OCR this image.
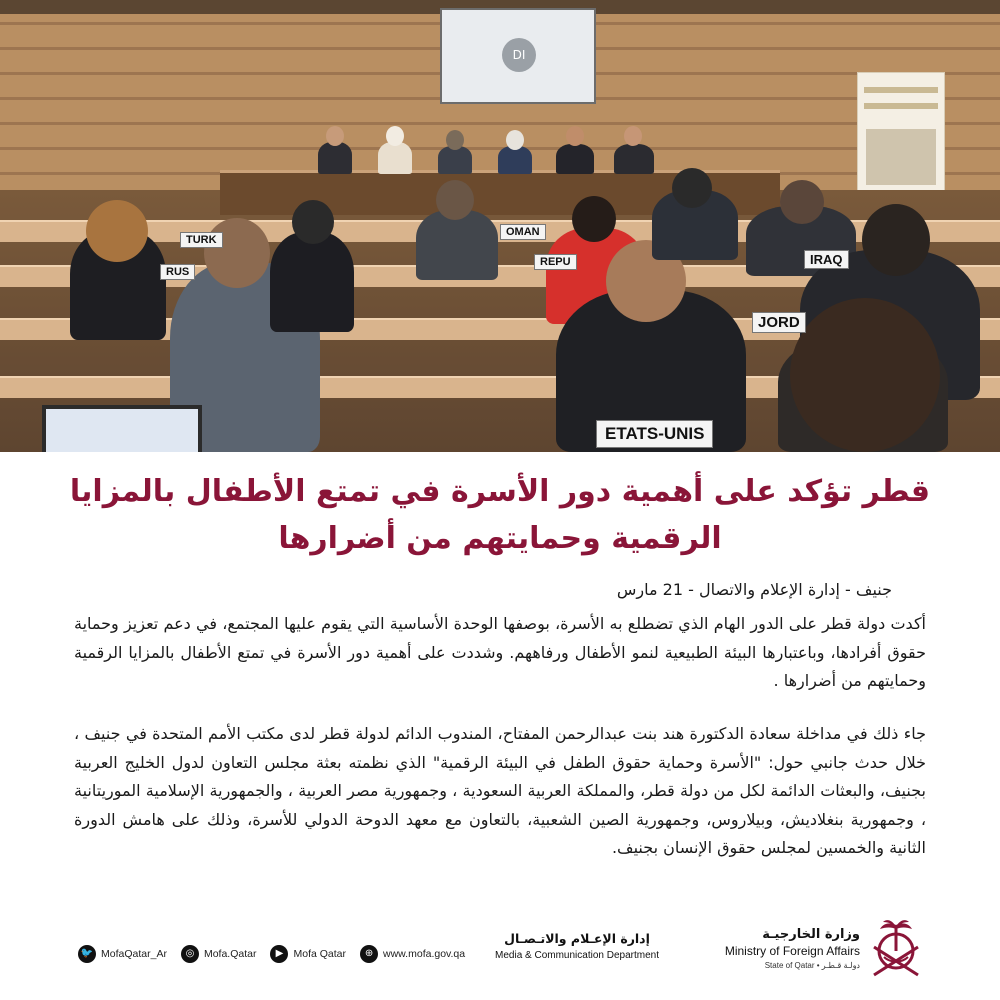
DI
TURK
RUS
OMAN
REPU	IRAQ
JORD
ETATS-UNIS
قطر تؤكد على أهمية دور الأسرة في تمتع الأطفال بالمزايا الرقمية وحمايتهم من أضرارها

جنيف - إدارة الإعلام والاتصال - 21 مارس

أكدت دولة قطر على الدور الهام الذي تضطلع به الأسرة، بوصفها الوحدة الأساسية التي يقوم عليها المجتمع، في دعم تعزيز وحماية حقوق أفرادها، وباعتبارها البيئة الطبيعية لنمو الأطفال ورفاههم. وشددت على أهمية دور الأسرة في تمتع الأطفال بالمزايا الرقمية وحمايتهم من أضرارها .

جاء ذلك في مداخلة سعادة الدكتورة هند بنت عبدالرحمن المفتاح، المندوب الدائم لدولة قطر لدى مكتب الأمم المتحدة في جنيف ، خلال حدث جانبي حول: "الأسرة وحماية حقوق الطفل في البيئة الرقمية" الذي نظمته بعثة مجلس التعاون لدول الخليج العربية بجنيف، والبعثات الدائمة لكل من دولة قطر، والمملكة العربية السعودية ، وجمهورية مصر العربية ، والجمهورية الإسلامية الموريتانية ، وجمهورية بنغلاديش، وبيلاروس، وجمهورية الصين الشعبية، بالتعاون مع معهد الدوحة الدولي للأسرة، وذلك على هامش الدورة الثانية والخمسين لمجلس حقوق الإنسان بجنيف.

🐦 MofaQatar_Ar	◎ Mofa.Qatar	▶ Mofa Qatar	⊕ www.mofa.gov.qa
إدارة الإعـلام والاتـصـال
Media & Communication Department
وزارة الخارجيـة
Ministry of Foreign Affairs
State of Qatar • دولـة قـطـر
